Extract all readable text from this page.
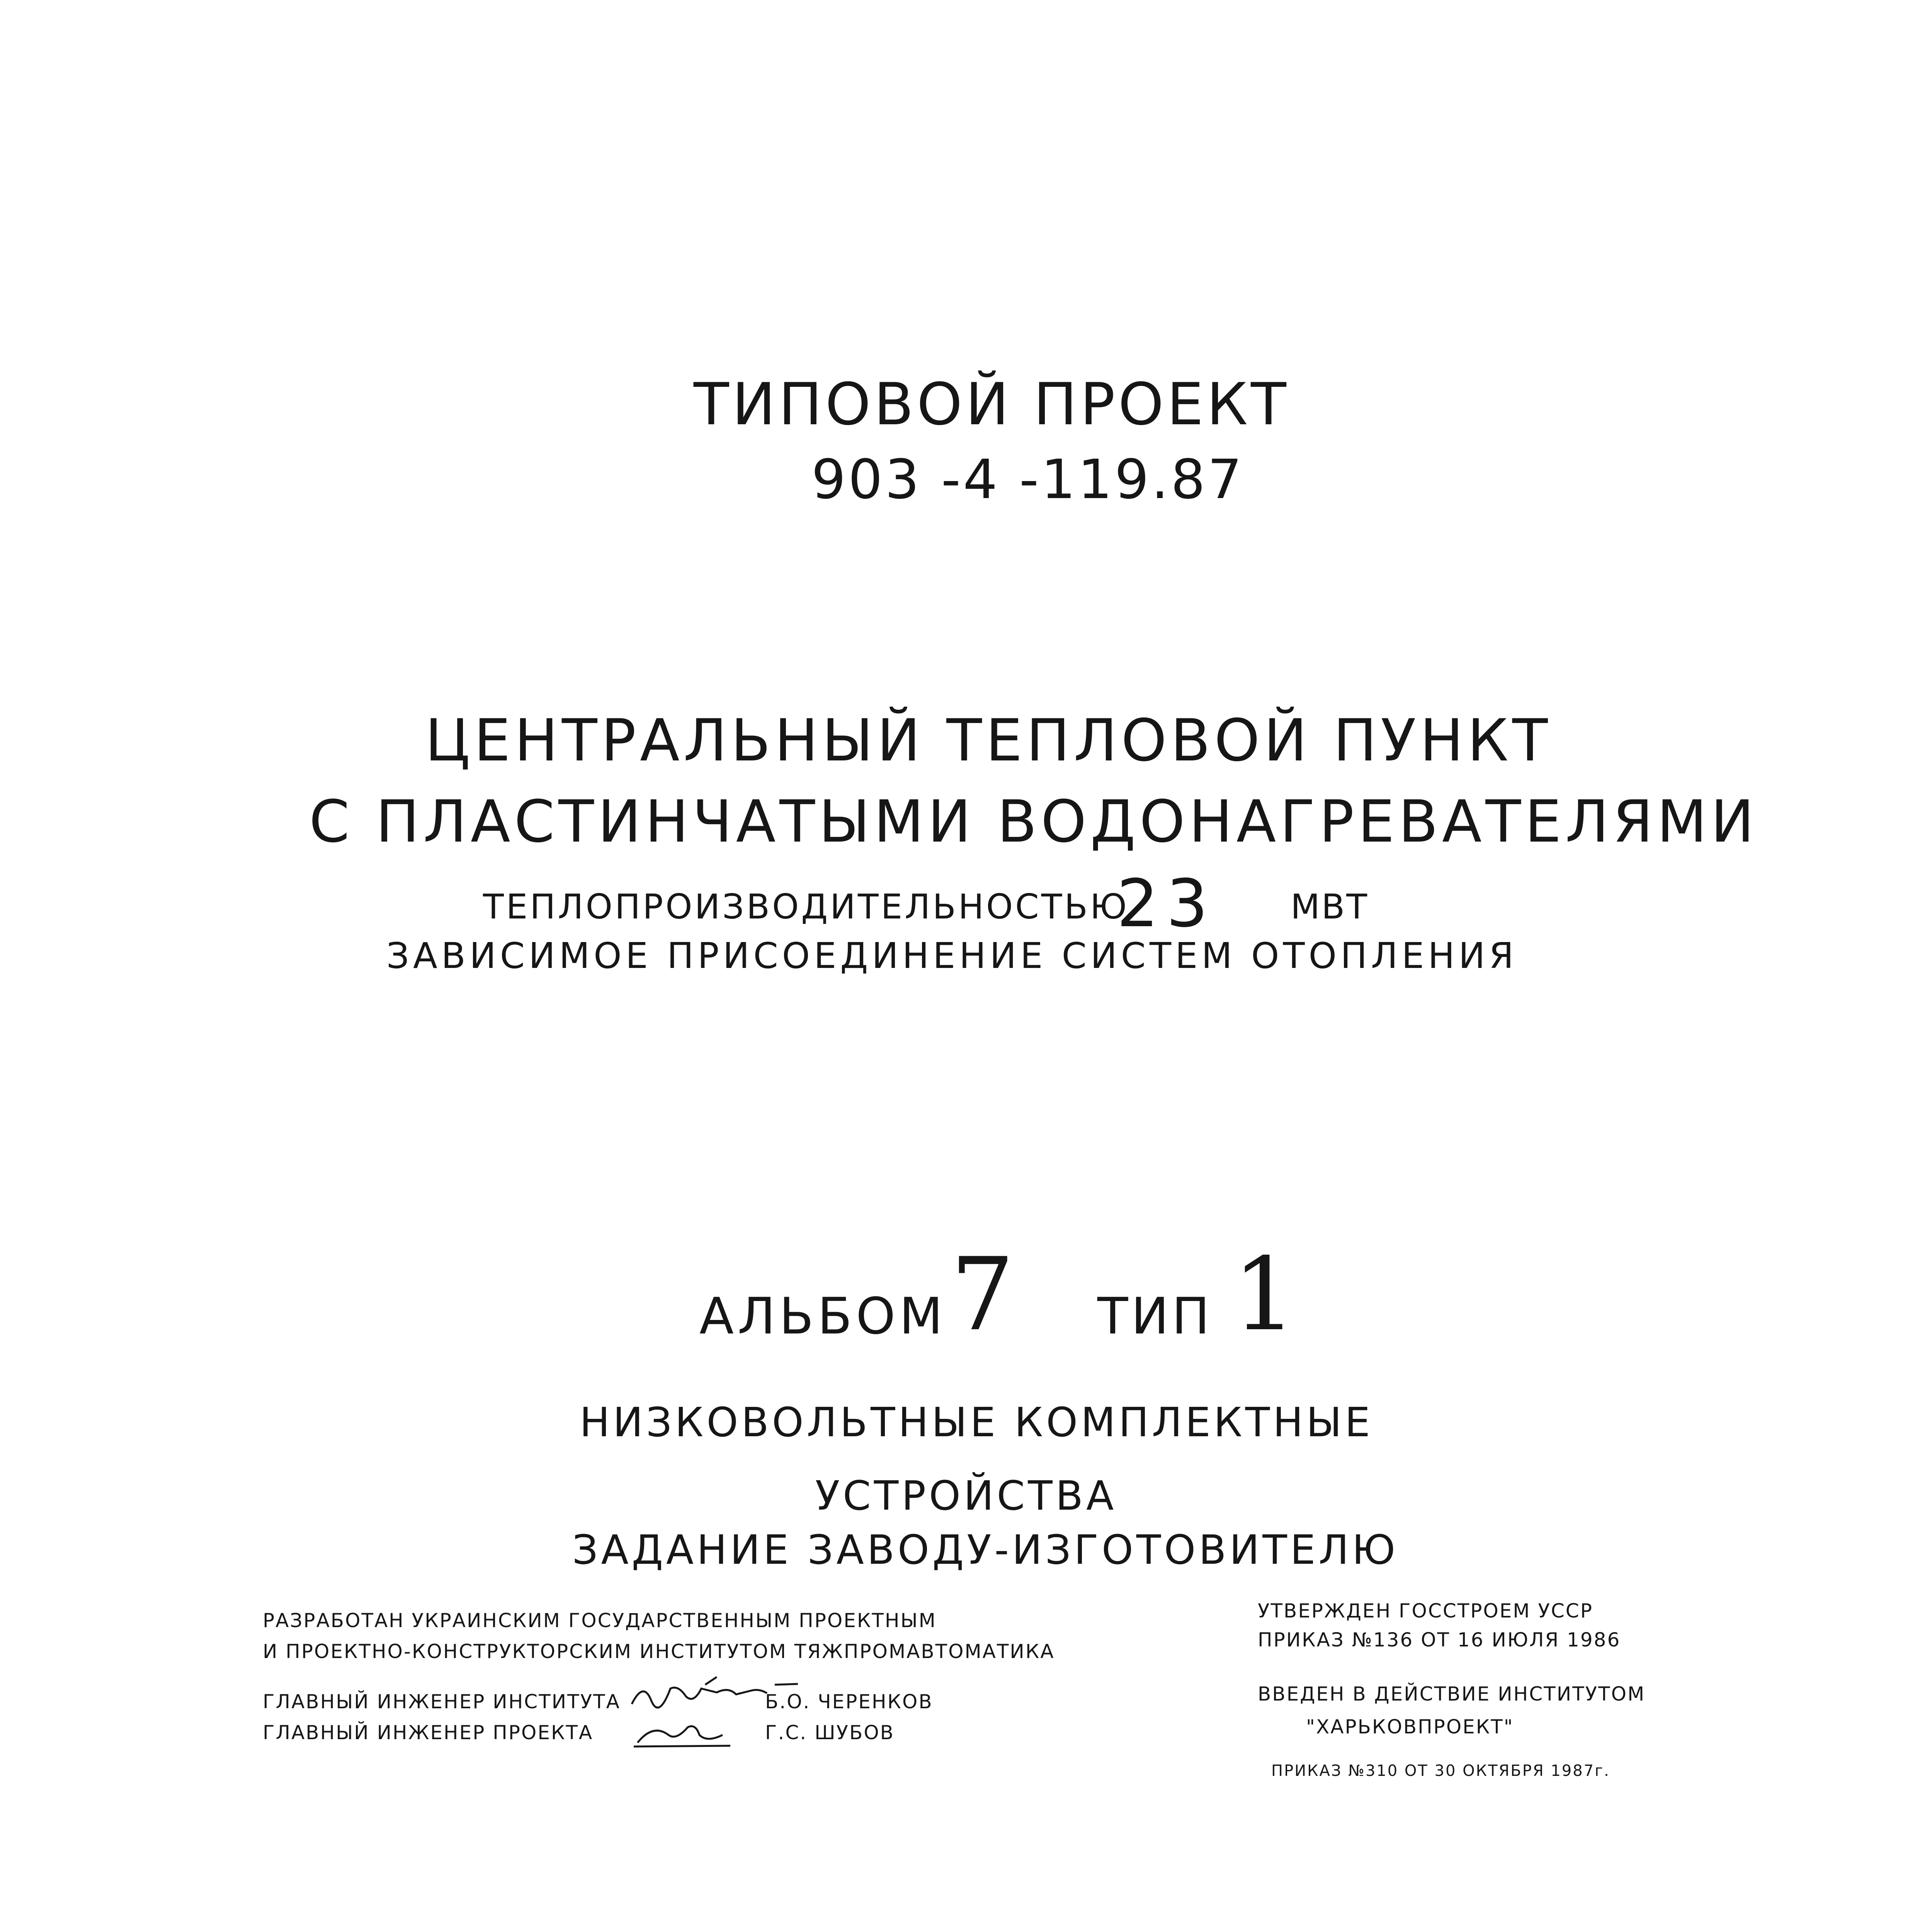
ТИПОВОЙ ПРОЕКТ
903 -4 -119.87
ЦЕНТРАЛЬНЫЙ ТЕПЛОВОЙ ПУНКТ
С ПЛАСТИНЧАТЫМИ ВОДОНАГРЕВАТЕЛЯМИ
ТЕПЛОПРОИЗВОДИТЕЛЬНОСТЬЮ
23 МВТ
ЗАВИСИМОЕ ПРИСОЕДИНЕНИЕ СИСТЕМ ОТОПЛЕНИЯ
АЛЬБОМ 7 ТИП 1
НИЗКОВОЛЬТНЫЕ КОМПЛЕКТНЫЕ
УСТРОЙСТВА
ЗАДАНИЕ ЗАВОДУ-ИЗГОТОВИТЕЛЮ
РАЗРАБОТАН УКРАИНСКИМ ГОСУДАРСТВЕННЫМ ПРОЕКТНЫМ
И ПРОЕКТНО-КОНСТРУКТОРСКИМ ИНСТИТУТОМ ТЯЖПРОМАВТОМАТИКА
ГЛАВНЫЙ ИНЖЕНЕР ИНСТИТУТА	Б.О. ЧЕРЕНКОВ
ГЛАВНЫЙ ИНЖЕНЕР ПРОЕКТА	Г.С. ШУБОВ
УТВЕРЖДЕН ГОССТРОЕМ УССР
ПРИКАЗ №136 ОТ 16 ИЮЛЯ 1986
ВВЕДЕН В ДЕЙСТВИЕ ИНСТИТУТОМ
"ХАРЬКОВПРОЕКТ"
ПРИКАЗ №310 ОТ 30 ОКТЯБРЯ 1987г.
